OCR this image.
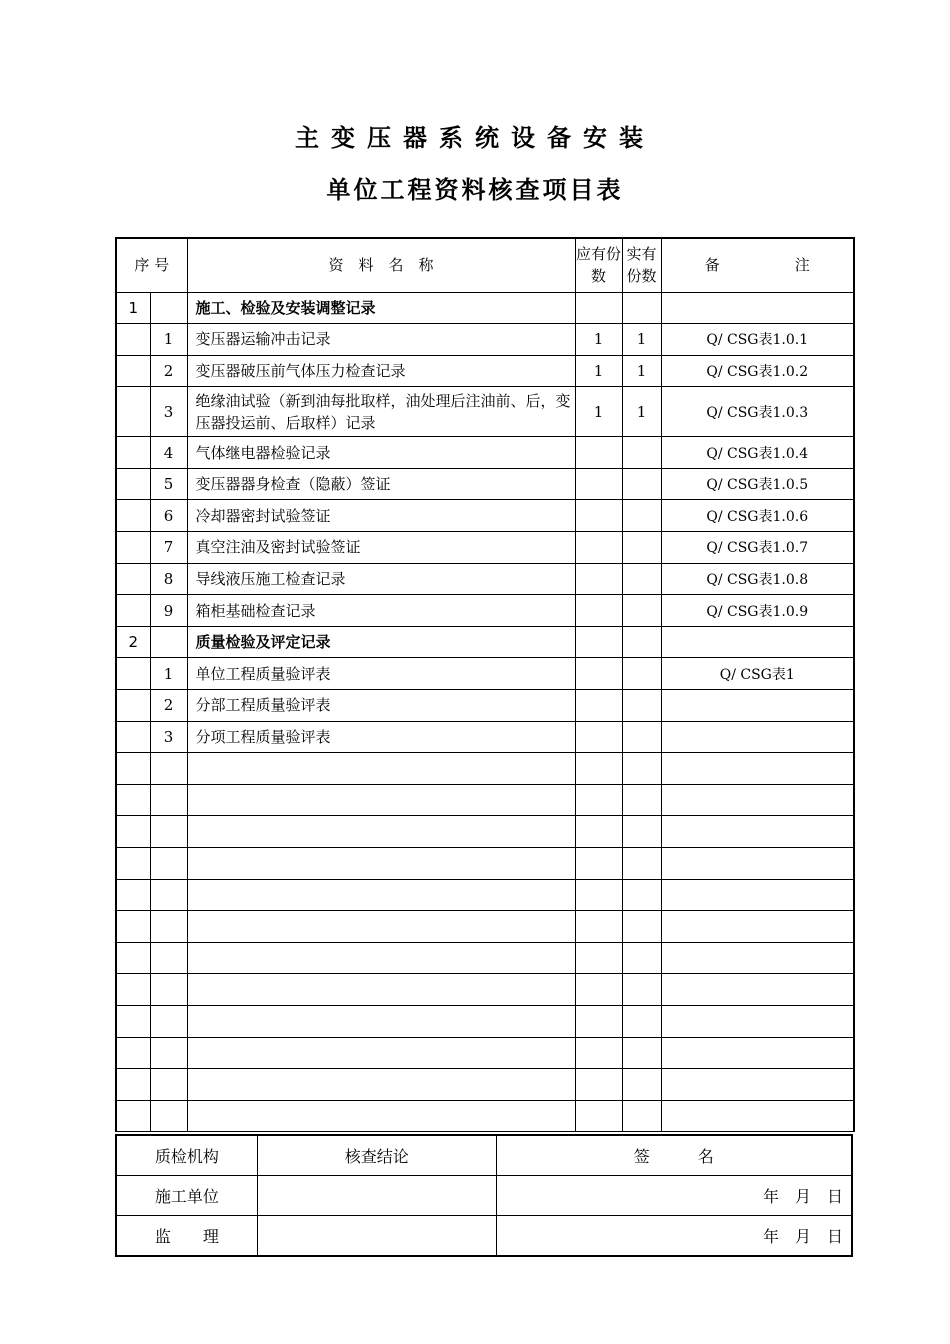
主变压器系统设备安装
单位工程资料核查项目表
序 号		资　料　名　称	应有份数	实有份数	备　　　　　注
1		施工、检验及安装调整记录			
	1	变压器运输冲击记录	1	1	Q/ CSG表1.0.1
	2	变压器破压前气体压力检查记录	1	1	Q/ CSG表1.0.2
	3	绝缘油试验（新到油每批取样，油处理后注油前、后，变压器投运前、后取样）记录	1	1	Q/ CSG表1.0.3
	4	气体继电器检验记录			Q/ CSG表1.0.4
	5	变压器器身检查（隐蔽）签证			Q/ CSG表1.0.5
	6	冷却器密封试验签证			Q/ CSG表1.0.6
	7	真空注油及密封试验签证			Q/ CSG表1.0.7
	8	导线液压施工检查记录			Q/ CSG表1.0.8
	9	箱柜基础检查记录			Q/ CSG表1.0.9
2		质量检验及评定记录			
	1	单位工程质量验评表			Q/ CSG表1
	2	分部工程质量验评表			
	3	分项工程质量验评表			

质检机构	核查结论	签　　　名
施工单位		年　月　日
监　　理		年　月　日
